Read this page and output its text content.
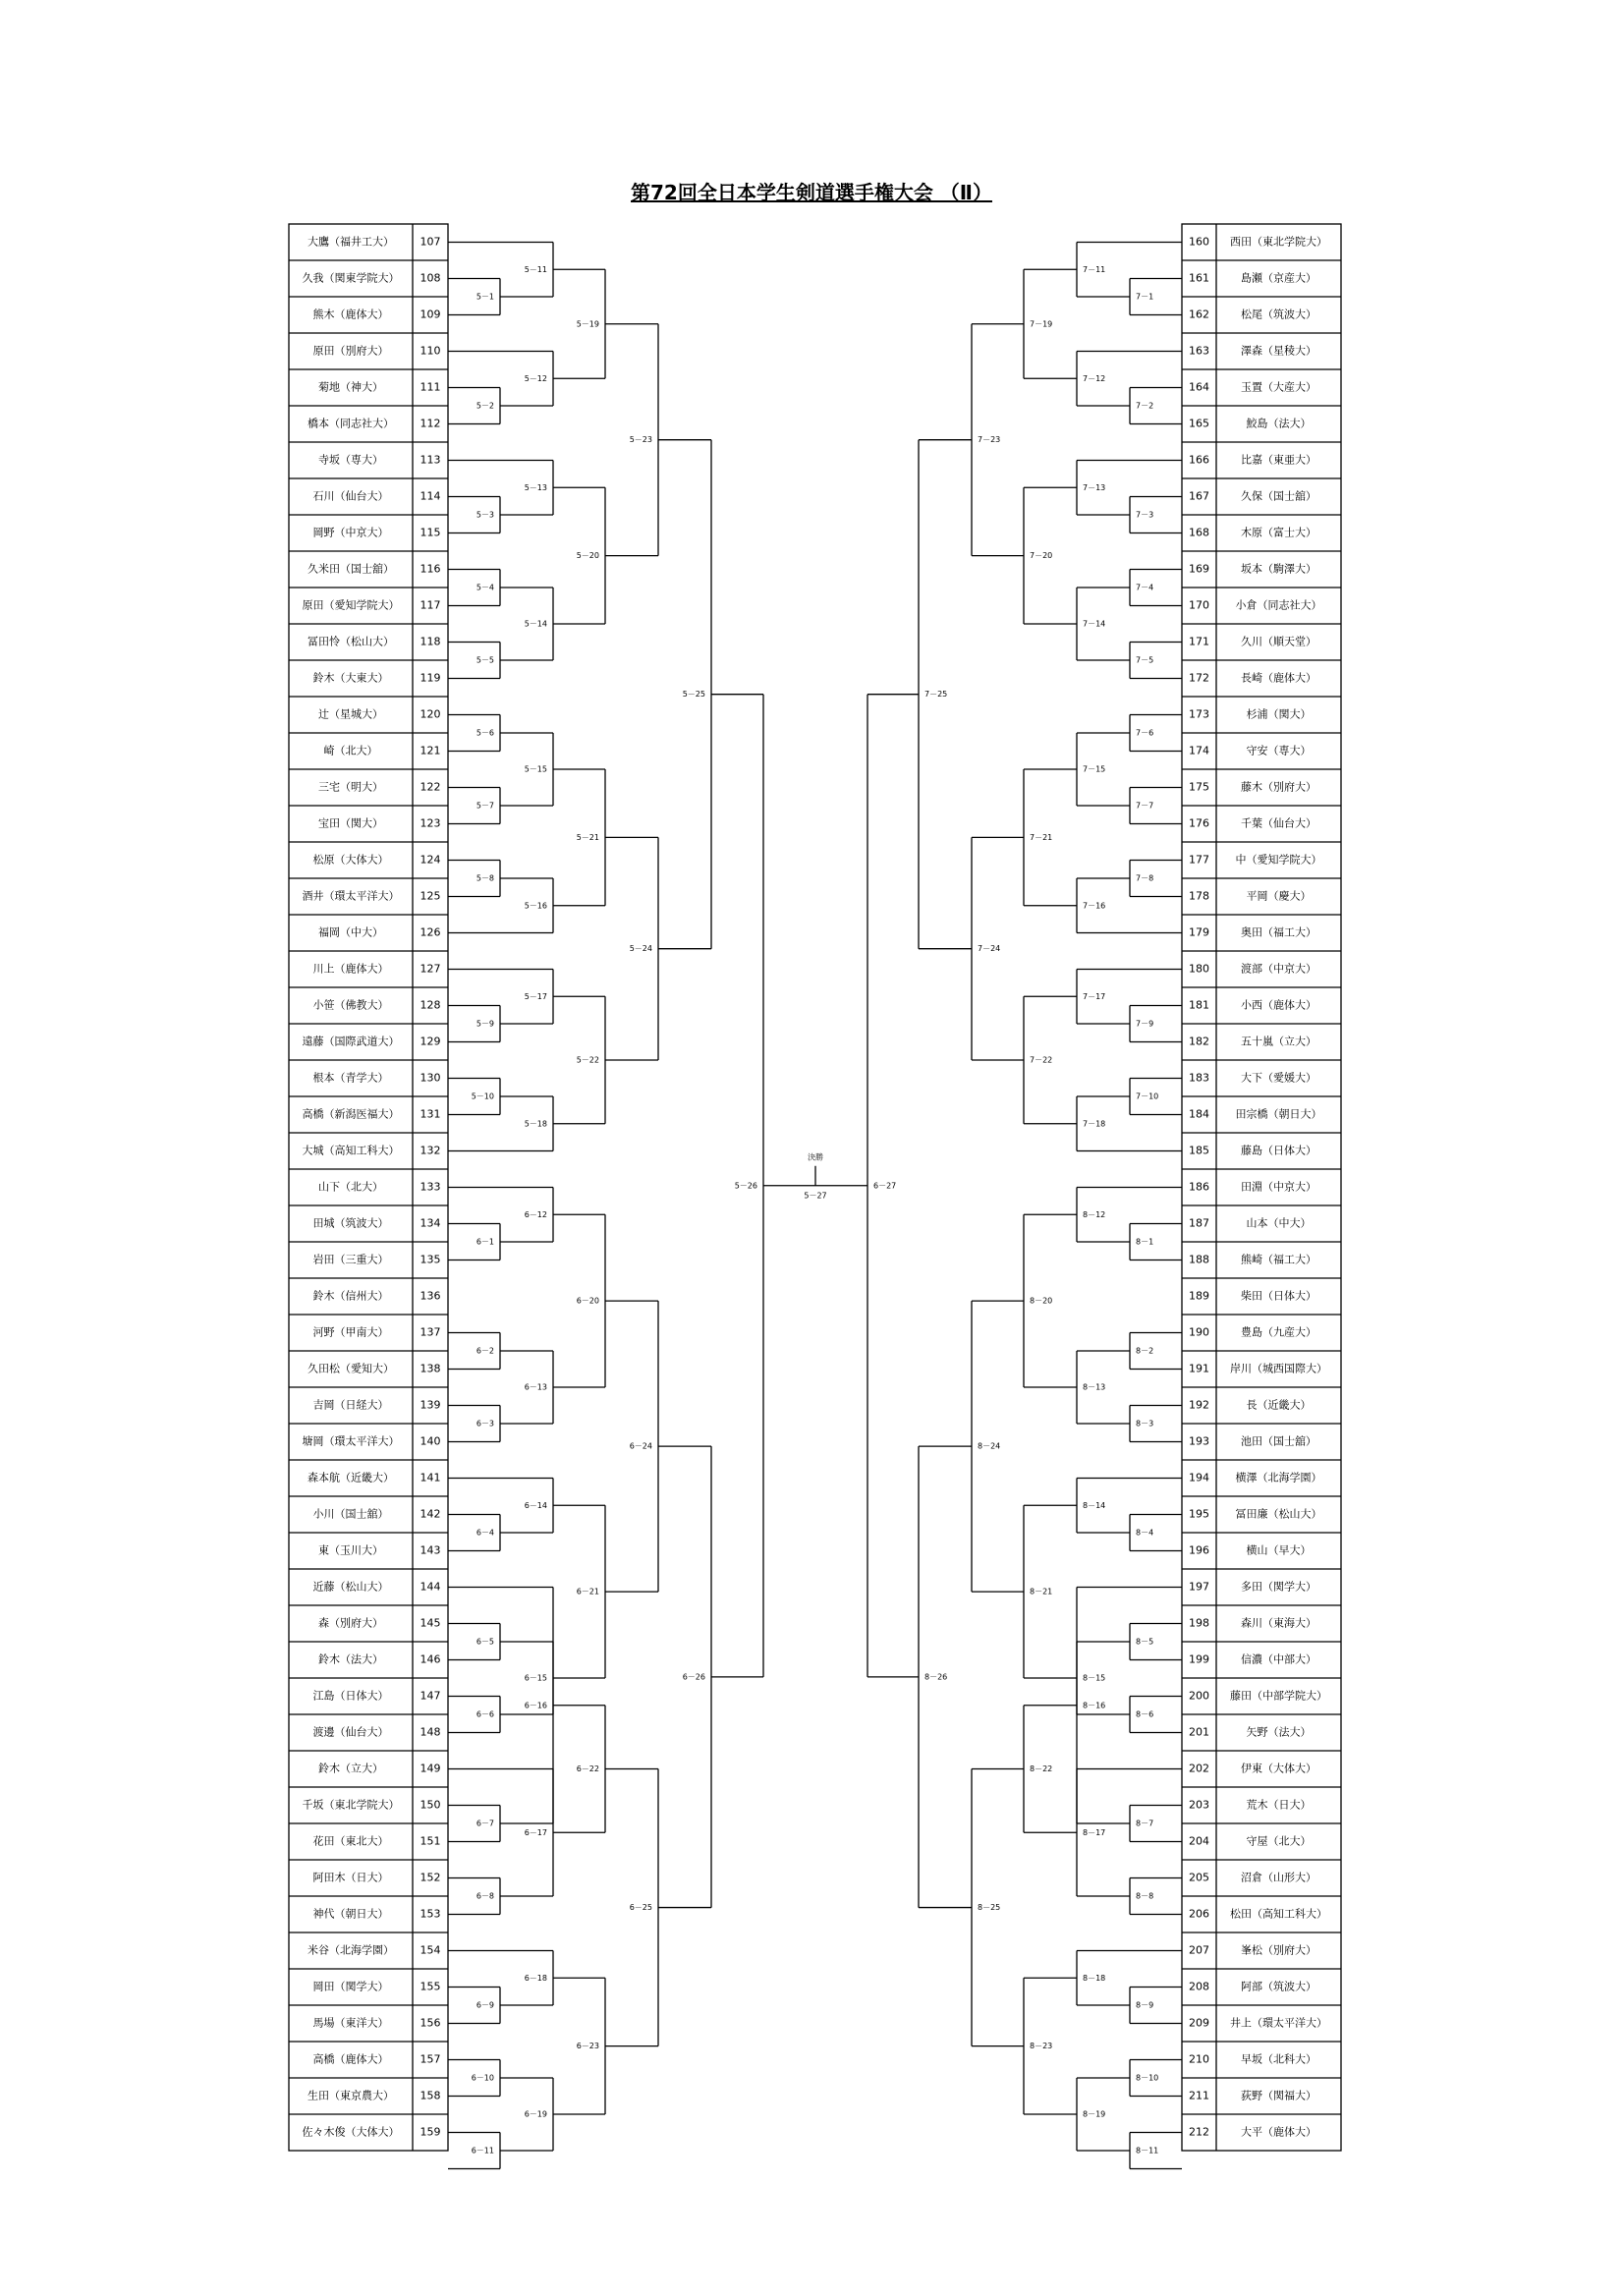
第72回全日本学生剣道選手権大会 （Ⅱ）
大鷹（福井工大） 107
久我（関東学院大） 108
熊木（鹿体大）	109
原田（別府大）	110
菊地（神大）	111
橋本（同志社大） 112
寺坂（専大）	113
石川（仙台大）	114
岡野（中京大）	115
久米田（国士舘） 116
原田（愛知学院大） 117
冨田怜（松山大） 118
鈴木（大東大）	119
辻（星城大）	120
崎（北大）	121
三宅（明大）	122
宝田（関大）	123
松原（大体大）	124
酒井（環太平洋大） 125
福岡（中大）	126
川上（鹿体大）	127
小笹（佛教大）	128
遠藤（国際武道大） 129
根本（青学大）	130
高橋（新潟医福大） 131
大城（高知工科大） 132
山下（北大）	133
田城（筑波大）	134
岩田（三重大）	135
鈴木（信州大）	136
河野（甲南大）	137
久田松（愛知大） 138
吉岡（日経大）	139
塘岡（環太平洋大） 140
森本航（近畿大） 141
小川（国士舘）	142
東（玉川大）	143
近藤（松山大）	144
森（別府大）	145
鈴木（法大）	146
江島（日体大）	147
渡邊（仙台大）	148
鈴木（立大）	149
千坂（東北学院大） 150
花田（東北大）	151
阿田木（日大）	152
神代（朝日大）	153
米谷（北海学園） 154
岡田（関学大）	155
馬場（東洋大）	156
高橋（鹿体大）	157
生田（東京農大） 158
佐々木俊（大体大） 159
160 西田（東北学院大）
161	島瀬（京産大）
162	松尾（筑波大）
163	澤森（星稜大）
164	玉置（大産大）
165	鮫島（法大）
166	比嘉（東亜大）
167	久保（国士舘）
168	木原（富士大）
169	坂本（駒澤大）
170 小倉（同志社大）
171	久川（順天堂）
172	長崎（鹿体大）
173	杉浦（関大）
174	守安（専大）
175	藤木（別府大）
176	千葉（仙台大）
177 中（愛知学院大）
178	平岡（慶大）
179	奥田（福工大）
180	渡部（中京大）
181	小西（鹿体大）
182	五十嵐（立大）
183	大下（愛媛大）
184 田宗橋（朝日大）
185	藤島（日体大）
186	田淵（中京大）
187	山本（中大）
188	熊崎（福工大）
189	柴田（日体大）
190	豊島（九産大）
191 岸川（城西国際大）
192	長（近畿大）
193	池田（国士舘）
194 横澤（北海学園）
195 冨田廉（松山大）
196	横山（早大）
197	多田（関学大）
198	森川（東海大）
199	信濃（中部大）
200 藤田（中部学院大）
201	矢野（法大）
202	伊東（大体大）
203	荒木（日大）
204	守屋（北大）
205	沼倉（山形大）
206 松田（高知工科大）
207	峯松（別府大）
208	阿部（筑波大）
209 井上（環太平洋大）
210	早坂（北科大）
211	荻野（関福大）
212	大平（鹿体大）
5－1
5－2
5－3
5－4
5－5
5－6
5－7
5－8
5－9
5－10
5－11
5－12
5－13
5－14
5－15
5－16
5－17
5－18
5－19
5－20
5－21
5－22
5－23
5－24
5－25
6－1
6－2
6－3
6－4
6－5
6－6
6－7
6－8
6－9
6－10
6－11
6－12
6－13
6－14
6－15
6－16
6－17
6－18
6－19
6－20
6－21
6－22
6－23
6－24
6－25
6－26
7－1
7－2
7－3
7－4
7－5
7－6
7－7
7－8
7－9
7－10
7－11
7－12
7－13
7－14
7－15
7－16
7－17
7－18
7－19
7－20
7－21
7－22
7－23
7－24
7－25
8－1
8－2
8－3
8－4
8－5
8－6
8－7
8－8
8－9
8－10
8－11
8－12
8－13
8－14
8－15
8－16
8－17
8－18
8－19
8－20
8－21
8－22
8－23
8－24
8－25
8－26
5－26	6－27
決勝
5－27
